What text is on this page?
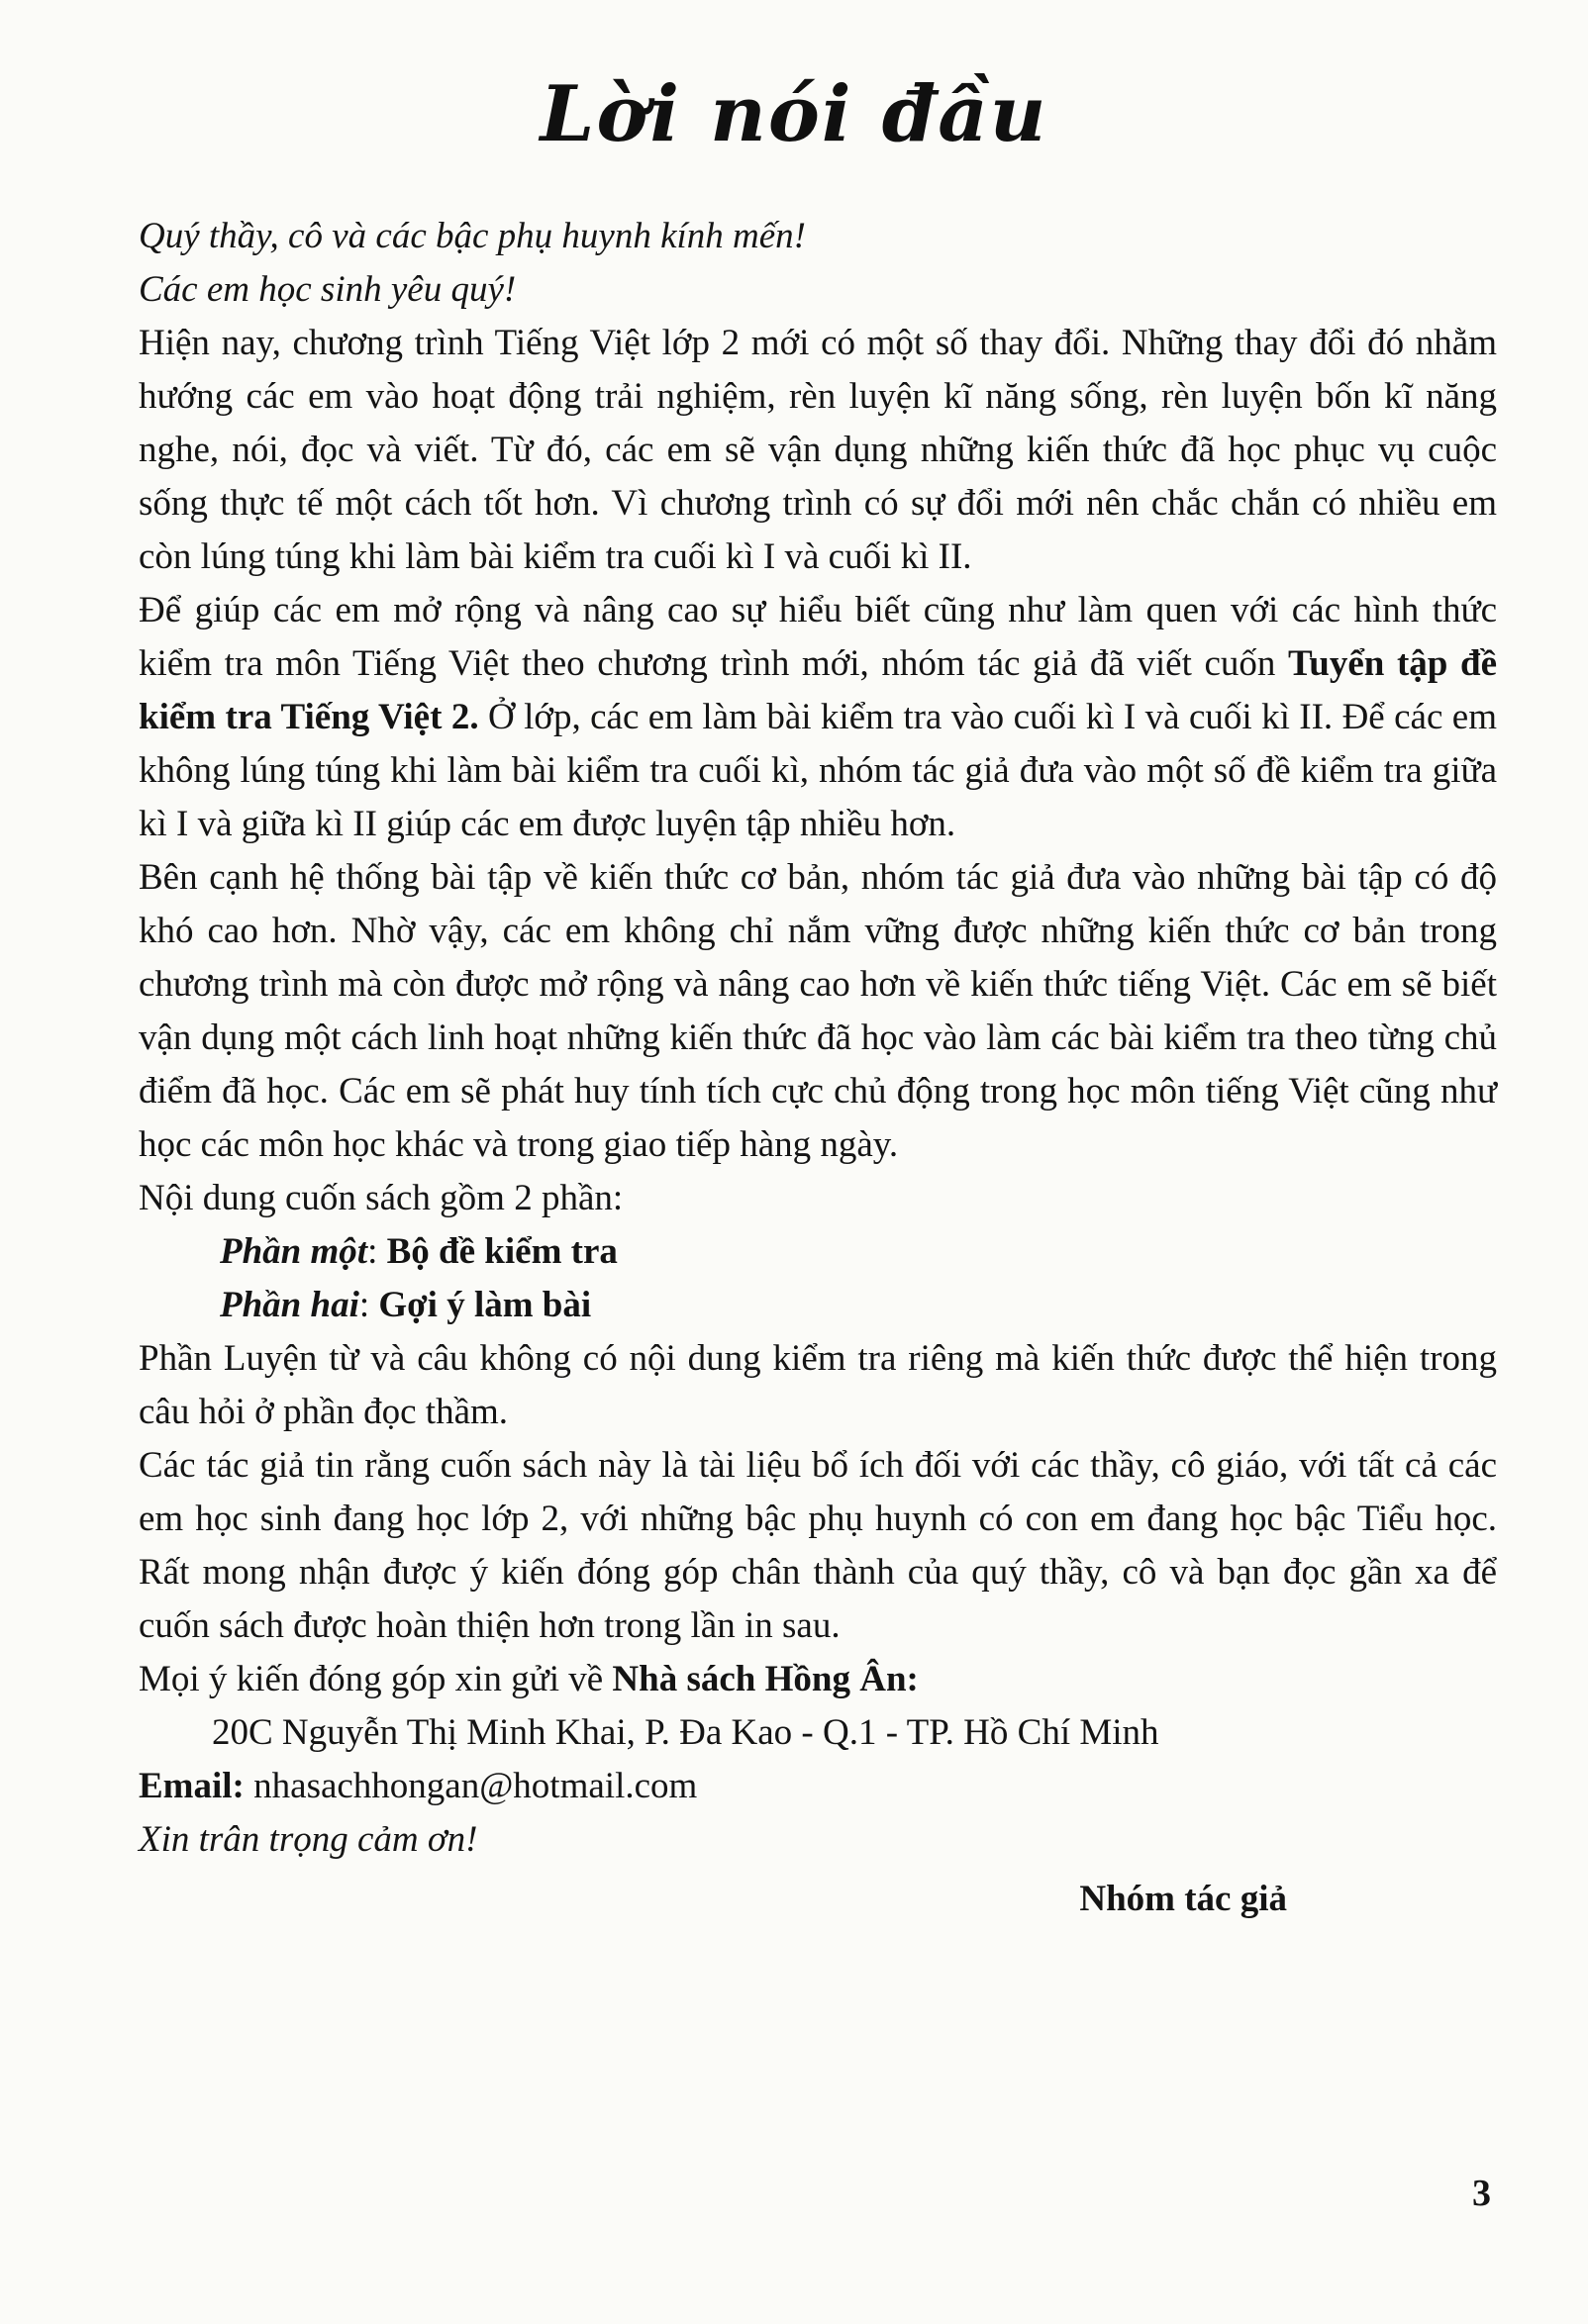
Lời nói đầu

Quý thầy, cô và các bậc phụ huynh kính mến!

Các em học sinh yêu quý!

Hiện nay, chương trình Tiếng Việt lớp 2 mới có một số thay đổi. Những thay đổi đó nhằm hướng các em vào hoạt động trải nghiệm, rèn luyện kĩ năng sống, rèn luyện bốn kĩ năng nghe, nói, đọc và viết. Từ đó, các em sẽ vận dụng những kiến thức đã học phục vụ cuộc sống thực tế một cách tốt hơn. Vì chương trình có sự đổi mới nên chắc chắn có nhiều em còn lúng túng khi làm bài kiểm tra cuối kì I và cuối kì II.

Để giúp các em mở rộng và nâng cao sự hiểu biết cũng như làm quen với các hình thức kiểm tra môn Tiếng Việt theo chương trình mới, nhóm tác giả đã viết cuốn Tuyển tập đề kiểm tra Tiếng Việt 2. Ở lớp, các em làm bài kiểm tra vào cuối kì I và cuối kì II. Để các em không lúng túng khi làm bài kiểm tra cuối kì, nhóm tác giả đưa vào một số đề kiểm tra giữa kì I và giữa kì II giúp các em được luyện tập nhiều hơn.

Bên cạnh hệ thống bài tập về kiến thức cơ bản, nhóm tác giả đưa vào những bài tập có độ khó cao hơn. Nhờ vậy, các em không chỉ nắm vững được những kiến thức cơ bản trong chương trình mà còn được mở rộng và nâng cao hơn về kiến thức tiếng Việt. Các em sẽ biết vận dụng một cách linh hoạt những kiến thức đã học vào làm các bài kiểm tra theo từng chủ điểm đã học. Các em sẽ phát huy tính tích cực chủ động trong học môn tiếng Việt cũng như học các môn học khác và trong giao tiếp hàng ngày.

Nội dung cuốn sách gồm 2 phần:

Phần một: Bộ đề kiểm tra

Phần hai: Gợi ý làm bài

Phần Luyện từ và câu không có nội dung kiểm tra riêng mà kiến thức được thể hiện trong câu hỏi ở phần đọc thầm.

Các tác giả tin rằng cuốn sách này là tài liệu bổ ích đối với các thầy, cô giáo, với tất cả các em học sinh đang học lớp 2, với những bậc phụ huynh có con em đang học bậc Tiểu học. Rất mong nhận được ý kiến đóng góp chân thành của quý thầy, cô và bạn đọc gần xa để cuốn sách được hoàn thiện hơn trong lần in sau.

Mọi ý kiến đóng góp xin gửi về Nhà sách Hồng Ân:

20C Nguyễn Thị Minh Khai, P. Đa Kao - Q.1 - TP. Hồ Chí Minh

Email: nhasachhongan@hotmail.com

Xin trân trọng cảm ơn!

Nhóm tác giả

3
